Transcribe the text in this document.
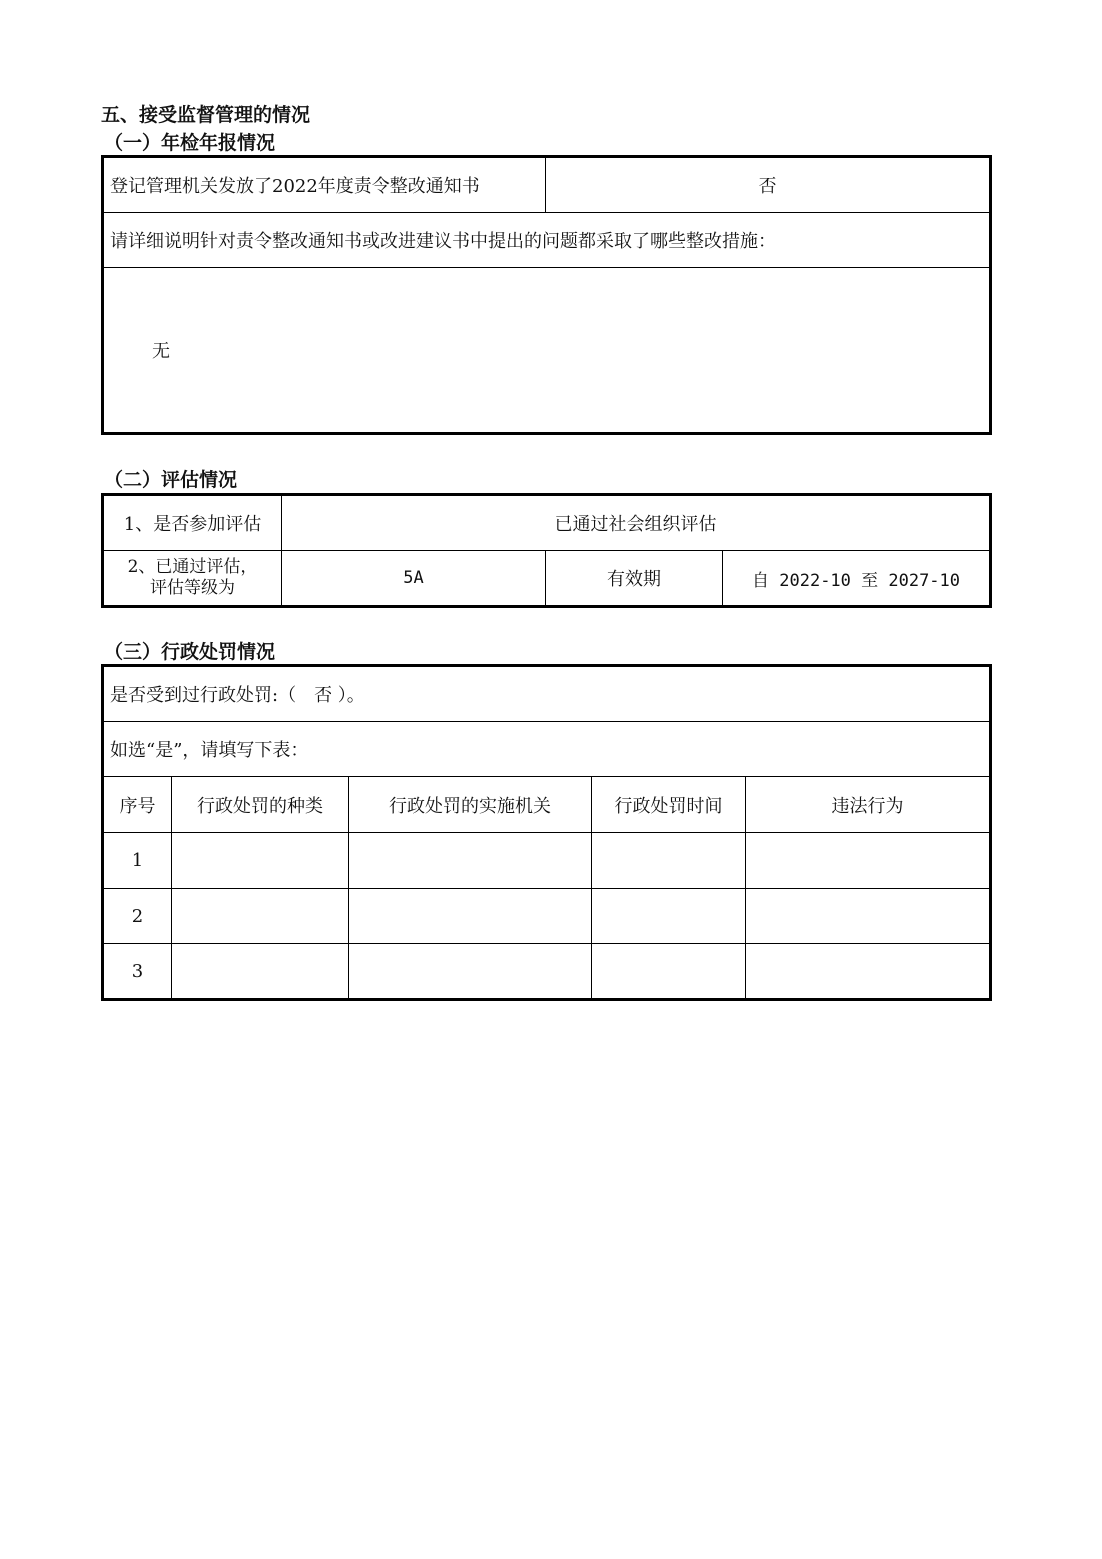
五、接受监督管理的情况
（一）年检年报情况
登记管理机关发放了2022年度责令整改通知书	否
请详细说明针对责令整改通知书或改进建议书中提出的问题都采取了哪些整改措施：
无
（二）评估情况
1、是否参加评估	已通过社会组织评估		

2、已通过评估，
评估等级为	5A	有效期	自 2022-10 至 2027-10
（三）行政处罚情况
是否受到过行政处罚:（　否 ）。				
如选“是”，请填写下表：				
序号	行政处罚的种类	行政处罚的实施机关	行政处罚时间	违法行为
1				
2				
3				
